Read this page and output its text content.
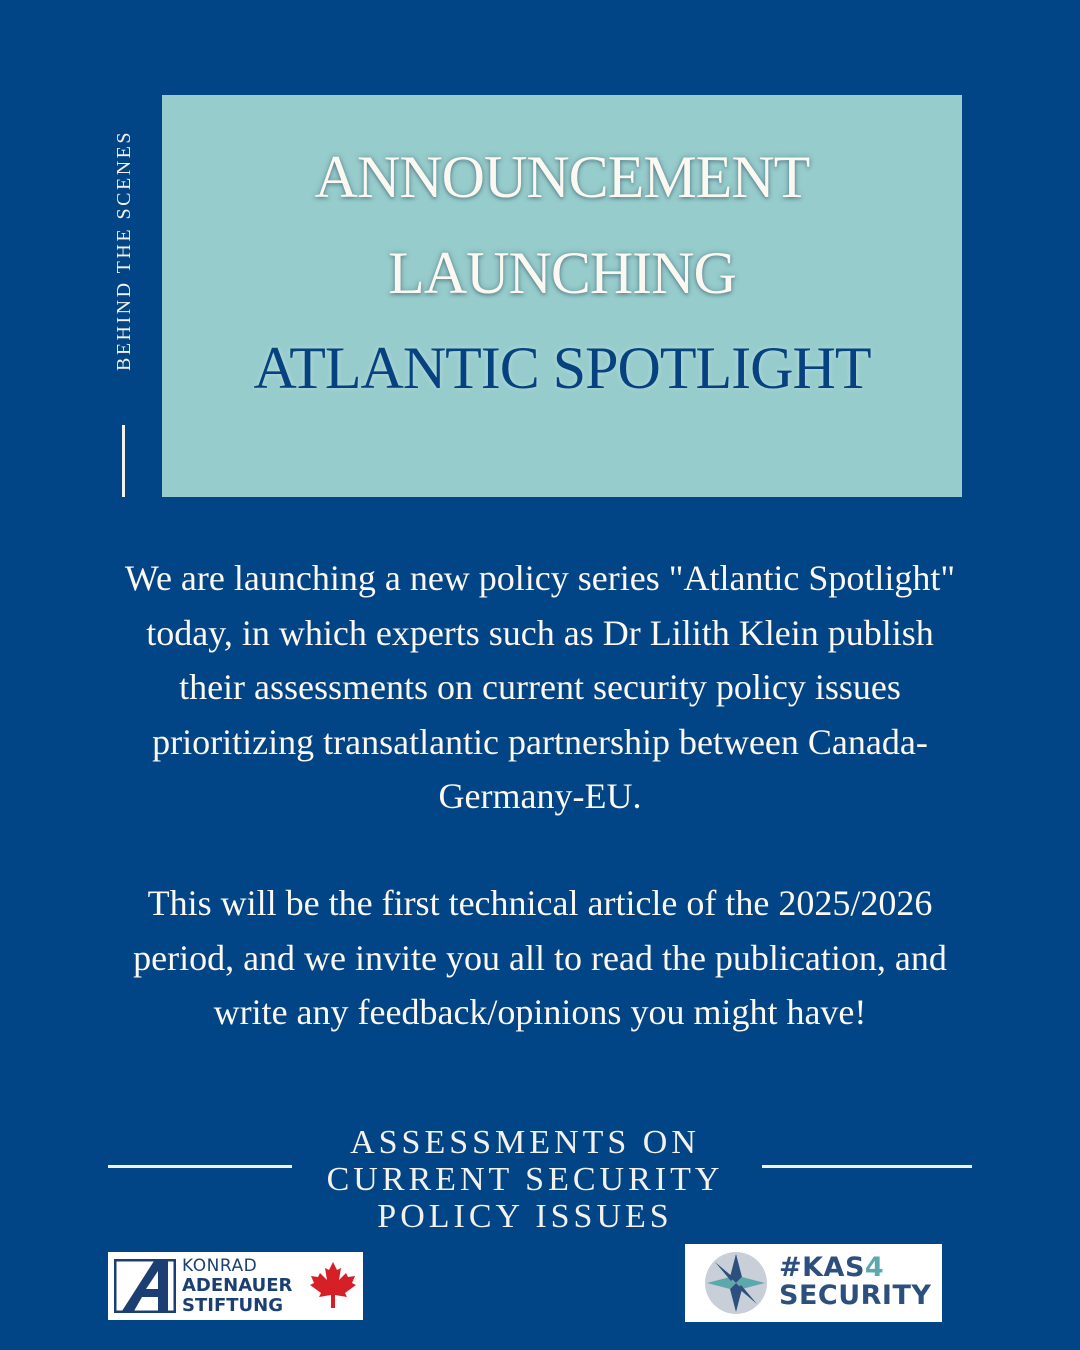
BEHIND THE SCENES	ANNOUNCEMENT
LAUNCHING
ATLANTIC SPOTLIGHT
We are launching a new policy series "Atlantic Spotlight"
today, in which experts such as Dr Lilith Klein publish
their assessments on current security policy issues
prioritizing transatlantic partnership between Canada-
Germany-EU.
This will be the first technical article of the 2025/2026
period, and we invite you all to read the publication, and
write any feedback/opinions you might have!
ASSESSMENTS ON
CURRENT SECURITY
POLICY ISSUES
KONRAD
ADENAUER
STIFTUNG
#KAS4
SECURITY
